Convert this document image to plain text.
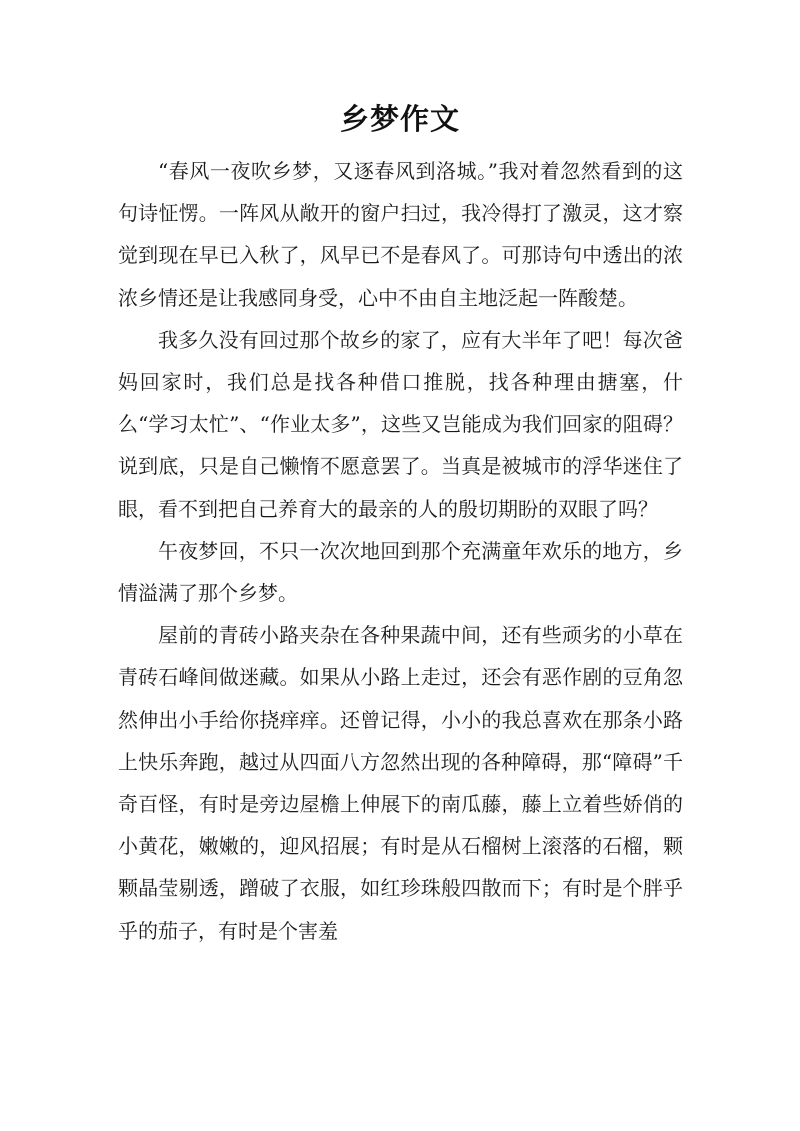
乡梦作文

“春风一夜吹乡梦，又逐春风到洛城。”我对着忽然看到的这句诗怔愣。一阵风从敞开的窗户扫过，我冷得打了激灵，这才察觉到现在早已入秋了，风早已不是春风了。可那诗句中透出的浓浓乡情还是让我感同身受，心中不由自主地泛起一阵酸楚。

我多久没有回过那个故乡的家了，应有大半年了吧！每次爸妈回家时，我们总是找各种借口推脱，找各种理由搪塞，什么“学习太忙”、“作业太多”，这些又岂能成为我们回家的阻碍？说到底，只是自己懒惰不愿意罢了。当真是被城市的浮华迷住了眼，看不到把自己养育大的最亲的人的殷切期盼的双眼了吗？

午夜梦回，不只一次次地回到那个充满童年欢乐的地方，乡情溢满了那个乡梦。

屋前的青砖小路夹杂在各种果蔬中间，还有些顽劣的小草在青砖石峰间做迷藏。如果从小路上走过，还会有恶作剧的豆角忽然伸出小手给你挠痒痒。还曾记得，小小的我总喜欢在那条小路上快乐奔跑，越过从四面八方忽然出现的各种障碍，那“障碍”千奇百怪，有时是旁边屋檐上伸展下的南瓜藤，藤上立着些娇俏的小黄花，嫩嫩的，迎风招展；有时是从石榴树上滚落的石榴，颗颗晶莹剔透，蹭破了衣服，如红珍珠般四散而下；有时是个胖乎乎的茄子，有时是个害羞
